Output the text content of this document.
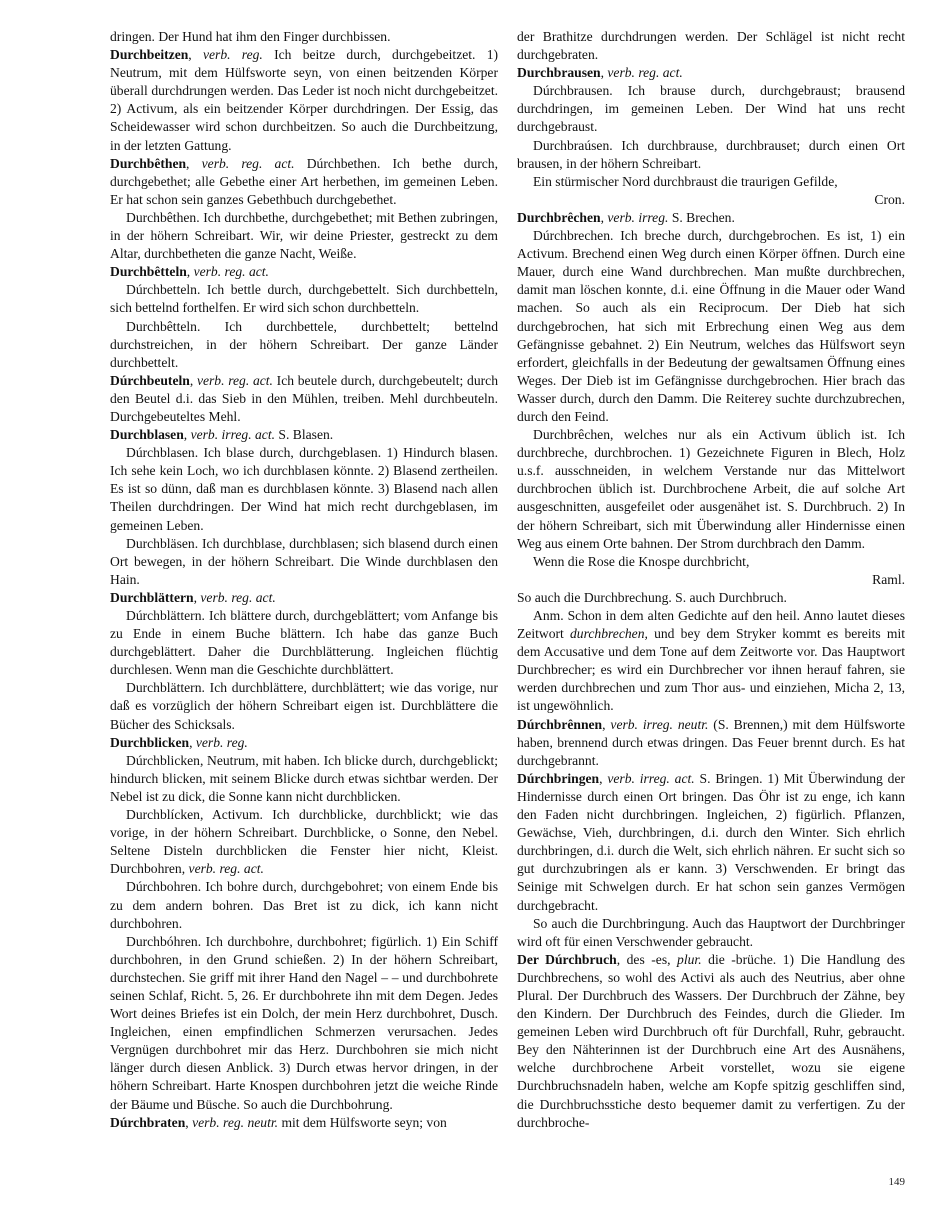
dringen. Der Hund hat ihm den Finger durchbissen.

Durchbeitzen, verb. reg. Ich beitze durch, durchgebeitzet. 1) Neutrum, mit dem Hülfsworte seyn, von einen beitzenden Körper überall durchdrungen werden. Das Leder ist noch nicht durchgebeitzet. 2) Activum, als ein beitzender Körper durchdringen. Der Essig, das Scheidewasser wird schon durchbeitzen. So auch die Durchbeitzung, in der letzten Gattung.

Durchbêthen, verb. reg. act. Dúrchbethen. Ich bethe durch, durchgebethet; alle Gebethe einer Art herbethen, im gemeinen Leben. Er hat schon sein ganzes Gebethbuch durchgebethet.

Durchbêthen. Ich durchbethe, durchgebethet; mit Bethen zubringen, in der höhern Schreibart. Wir, wir deine Priester, gestreckt zu dem Altar, durchbetheten die ganze Nacht, Weiße.

Durchbêtteln, verb. reg. act.

Dúrchbetteln. Ich bettle durch, durchgebettelt. Sich durchbetteln, sich bettelnd forthelfen. Er wird sich schon durchbetteln.

Durchbêtteln. Ich durchbettele, durchbettelt; bettelnd durchstreichen, in der höhern Schreibart. Der ganze Länder durchbettelt.

Dúrchbeuteln, verb. reg. act. Ich beutele durch, durchgebeutelt; durch den Beutel d.i. das Sieb in den Mühlen, treiben. Mehl durchbeuteln. Durchgebeuteltes Mehl.

Durchblasen, verb. irreg. act. S. Blasen.

Dúrchblasen. Ich blase durch, durchgeblasen. 1) Hindurch blasen. Ich sehe kein Loch, wo ich durchblasen könnte. 2) Blasend zertheilen. Es ist so dünn, daß man es durchblasen könnte. 3) Blasend nach allen Theilen durchdringen. Der Wind hat mich recht durchgeblasen, im gemeinen Leben.

Durchbläsen. Ich durchblase, durchblasen; sich blasend durch einen Ort bewegen, in der höhern Schreibart. Die Winde durchblasen den Hain.

Durchblättern, verb. reg. act.

Dúrchblättern. Ich blättere durch, durchgeblättert; vom Anfange bis zu Ende in einem Buche blättern. Ich habe das ganze Buch durchgeblättert. Daher die Durchblätterung. Ingleichen flüchtig durchlesen. Wenn man die Geschichte durchblättert.

Durchblättern. Ich durchblättere, durchblättert; wie das vorige, nur daß es vorzüglich der höhern Schreibart eigen ist. Durchblättere die Bücher des Schicksals.

Durchblicken, verb. reg.

Dúrchblicken, Neutrum, mit haben. Ich blicke durch, durchgeblickt; hindurch blicken, mit seinem Blicke durch etwas sichtbar werden. Der Nebel ist zu dick, die Sonne kann nicht durchblicken.

Durchblícken, Activum. Ich durchblicke, durchblickt; wie das vorige, in der höhern Schreibart. Durchblicke, o Sonne, den Nebel. Seltene Disteln durchblicken die Fenster hier nicht, Kleist. Durchbohren, verb. reg. act.

Dúrchbohren. Ich bohre durch, durchgebohret; von einem Ende bis zu dem andern bohren. Das Bret ist zu dick, ich kann nicht durchbohren.

Durchbóhren. Ich durchbohre, durchbohret; figürlich. 1) Ein Schiff durchbohren, in den Grund schießen. 2) In der höhern Schreibart, durchstechen. Sie griff mit ihrer Hand den Nagel – – und durchbohrete seinen Schlaf, Richt. 5, 26. Er durchbohrete ihn mit dem Degen. Jedes Wort deines Briefes ist ein Dolch, der mein Herz durchbohret, Dusch. Ingleichen, einen empfindlichen Schmerzen verursachen. Jedes Vergnügen durchbohret mir das Herz. Durchbohren sie mich nicht länger durch diesen Anblick. 3) Durch etwas hervor dringen, in der höhern Schreibart. Harte Knospen durchbohren jetzt die weiche Rinde der Bäume und Büsche. So auch die Durchbohrung.

Dúrchbraten, verb. reg. neutr. mit dem Hülfsworte seyn; von

der Brathitze durchdrungen werden. Der Schlägel ist nicht recht durchgebraten.

Durchbrausen, verb. reg. act.

Dúrchbrausen. Ich brause durch, durchgebraust; brausend durchdringen, im gemeinen Leben. Der Wind hat uns recht durchgebraust.

Durchbraúsen. Ich durchbrause, durchbrauset; durch einen Ort brausen, in der höhern Schreibart.

Ein stürmischer Nord durchbraust die traurigen Gefilde,

Cron.

Durchbrêchen, verb. irreg. S. Brechen.

Dúrchbrechen. Ich breche durch, durchgebrochen. Es ist, 1) ein Activum. Brechend einen Weg durch einen Körper öffnen. Durch eine Mauer, durch eine Wand durchbrechen. Man mußte durchbrechen, damit man löschen konnte, d.i. eine Öffnung in die Mauer oder Wand machen. So auch als ein Reciprocum. Der Dieb hat sich durchgebrochen, hat sich mit Erbrechung einen Weg aus dem Gefängnisse gebahnet. 2) Ein Neutrum, welches das Hülfswort seyn erfordert, gleichfalls in der Bedeutung der gewaltsamen Öffnung eines Weges. Der Dieb ist im Gefängnisse durchgebrochen. Hier brach das Wasser durch, durch den Damm. Die Reiterey suchte durchzubrechen, durch den Feind.

Durchbrêchen, welches nur als ein Activum üblich ist. Ich durchbreche, durchbrochen. 1) Gezeichnete Figuren in Blech, Holz u.s.f. ausschneiden, in welchem Verstande nur das Mittelwort durchbrochen üblich ist. Durchbrochene Arbeit, die auf solche Art ausgeschnitten, ausgefeilet oder ausgenähet ist. S. Durchbruch. 2) In der höhern Schreibart, sich mit Überwindung aller Hindernisse einen Weg aus einem Orte bahnen. Der Strom durchbrach den Damm.

Wenn die Rose die Knospe durchbricht,

Raml.

So auch die Durchbrechung. S. auch Durchbruch.

Anm. Schon in dem alten Gedichte auf den heil. Anno lautet dieses Zeitwort durchbrechen, und bey dem Stryker kommt es bereits mit dem Accusative und dem Tone auf dem Zeitworte vor. Das Hauptwort Durchbrecher; es wird ein Durchbrecher vor ihnen herauf fahren, sie werden durchbrechen und zum Thor aus- und einziehen, Micha 2, 13, ist ungewöhnlich.

Dúrchbrênnen, verb. irreg. neutr. (S. Brennen,) mit dem Hülfsworte haben, brennend durch etwas dringen. Das Feuer brennt durch. Es hat durchgebrannt.

Dúrchbringen, verb. irreg. act. S. Bringen. 1) Mit Überwindung der Hindernisse durch einen Ort bringen. Das Öhr ist zu enge, ich kann den Faden nicht durchbringen. Ingleichen, 2) figürlich. Pflanzen, Gewächse, Vieh, durchbringen, d.i. durch den Winter. Sich ehrlich durchbringen, d.i. durch die Welt, sich ehrlich nähren. Er sucht sich so gut durchzubringen als er kann. 3) Verschwenden. Er bringt das Seinige mit Schwelgen durch. Er hat schon sein ganzes Vermögen durchgebracht.

So auch die Durchbringung. Auch das Hauptwort der Durchbringer wird oft für einen Verschwender gebraucht.

Der Dúrchbruch, des -es, plur. die -brüche. 1) Die Handlung des Durchbrechens, so wohl des Activi als auch des Neutrius, aber ohne Plural. Der Durchbruch des Wassers. Der Durchbruch der Zähne, bey den Kindern. Der Durchbruch des Feindes, durch die Glieder. Im gemeinen Leben wird Durchbruch oft für Durchfall, Ruhr, gebraucht. Bey den Nähterinnen ist der Durchbruch eine Art des Ausnähens, welche durchbrochene Arbeit vorstellet, wozu sie eigene Durchbruchsnadeln haben, welche am Kopfe spitzig geschliffen sind, die Durchbruchsstiche desto bequemer damit zu verfertigen. Zu der durchbroche-

149
